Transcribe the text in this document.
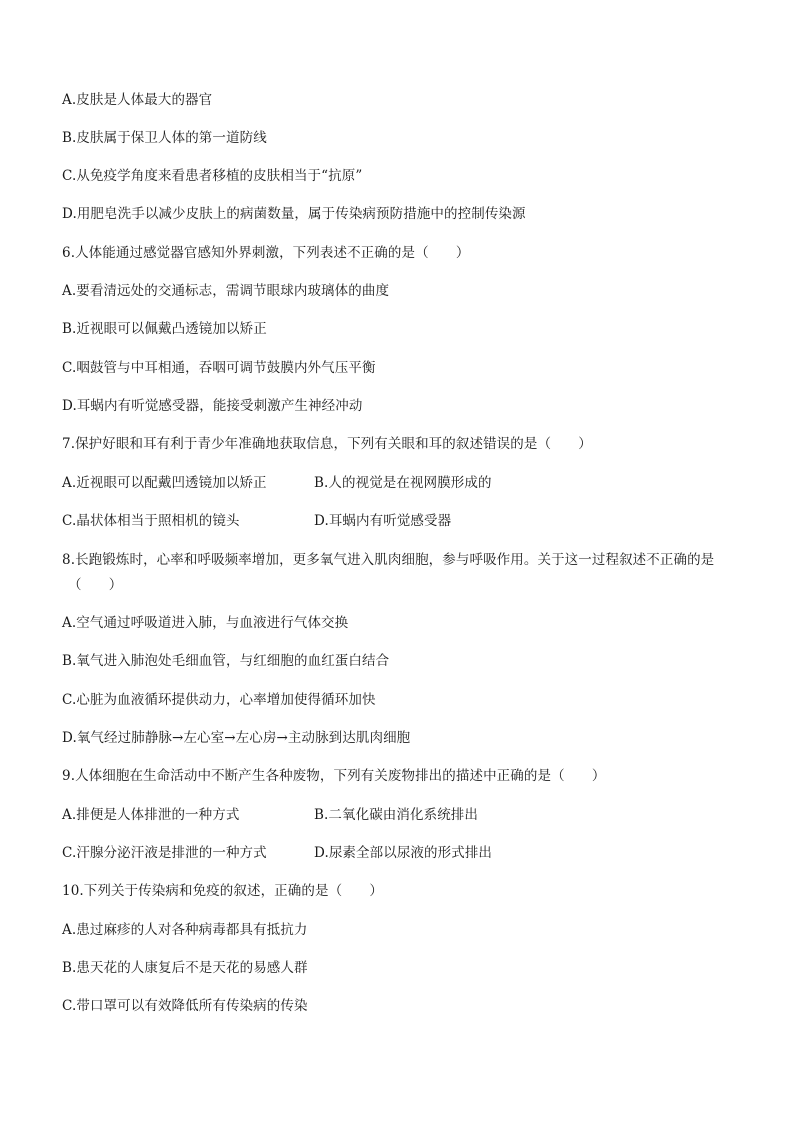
A.皮肤是人体最大的器官
B.皮肤属于保卫人体的第一道防线
C.从免疫学角度来看患者移植的皮肤相当于“抗原”
D.用肥皂洗手以减少皮肤上的病菌数量，属于传染病预防措施中的控制传染源
6.人体能通过感觉器官感知外界刺激，下列表述不正确的是（　　）
A.要看清远处的交通标志，需调节眼球内玻璃体的曲度
B.近视眼可以佩戴凸透镜加以矫正
C.咽鼓管与中耳相通，吞咽可调节鼓膜内外气压平衡
D.耳蜗内有听觉感受器，能接受刺激产生神经冲动
7.保护好眼和耳有利于青少年准确地获取信息，下列有关眼和耳的叙述错误的是（　　）
A.近视眼可以配戴凹透镜加以矫正	B.人的视觉是在视网膜形成的
C.晶状体相当于照相机的镜头	D.耳蜗内有听觉感受器
8.长跑锻炼时，心率和呼吸频率增加，更多氧气进入肌肉细胞，参与呼吸作用。关于这一过程叙述不正确的是
（　　）
A.空气通过呼吸道进入肺，与血液进行气体交换
B.氧气进入肺泡处毛细血管，与红细胞的血红蛋白结合
C.心脏为血液循环提供动力，心率增加使得循环加快
D.氧气经过肺静脉→左心室→左心房→主动脉到达肌肉细胞
9.人体细胞在生命活动中不断产生各种废物，下列有关废物排出的描述中正确的是（　　）
A.排便是人体排泄的一种方式	B.二氧化碳由消化系统排出
C.汗腺分泌汗液是排泄的一种方式	D.尿素全部以尿液的形式排出
10.下列关于传染病和免疫的叙述，正确的是（　　）
A.患过麻疹的人对各种病毒都具有抵抗力
B.患天花的人康复后不是天花的易感人群
C.带口罩可以有效降低所有传染病的传染
